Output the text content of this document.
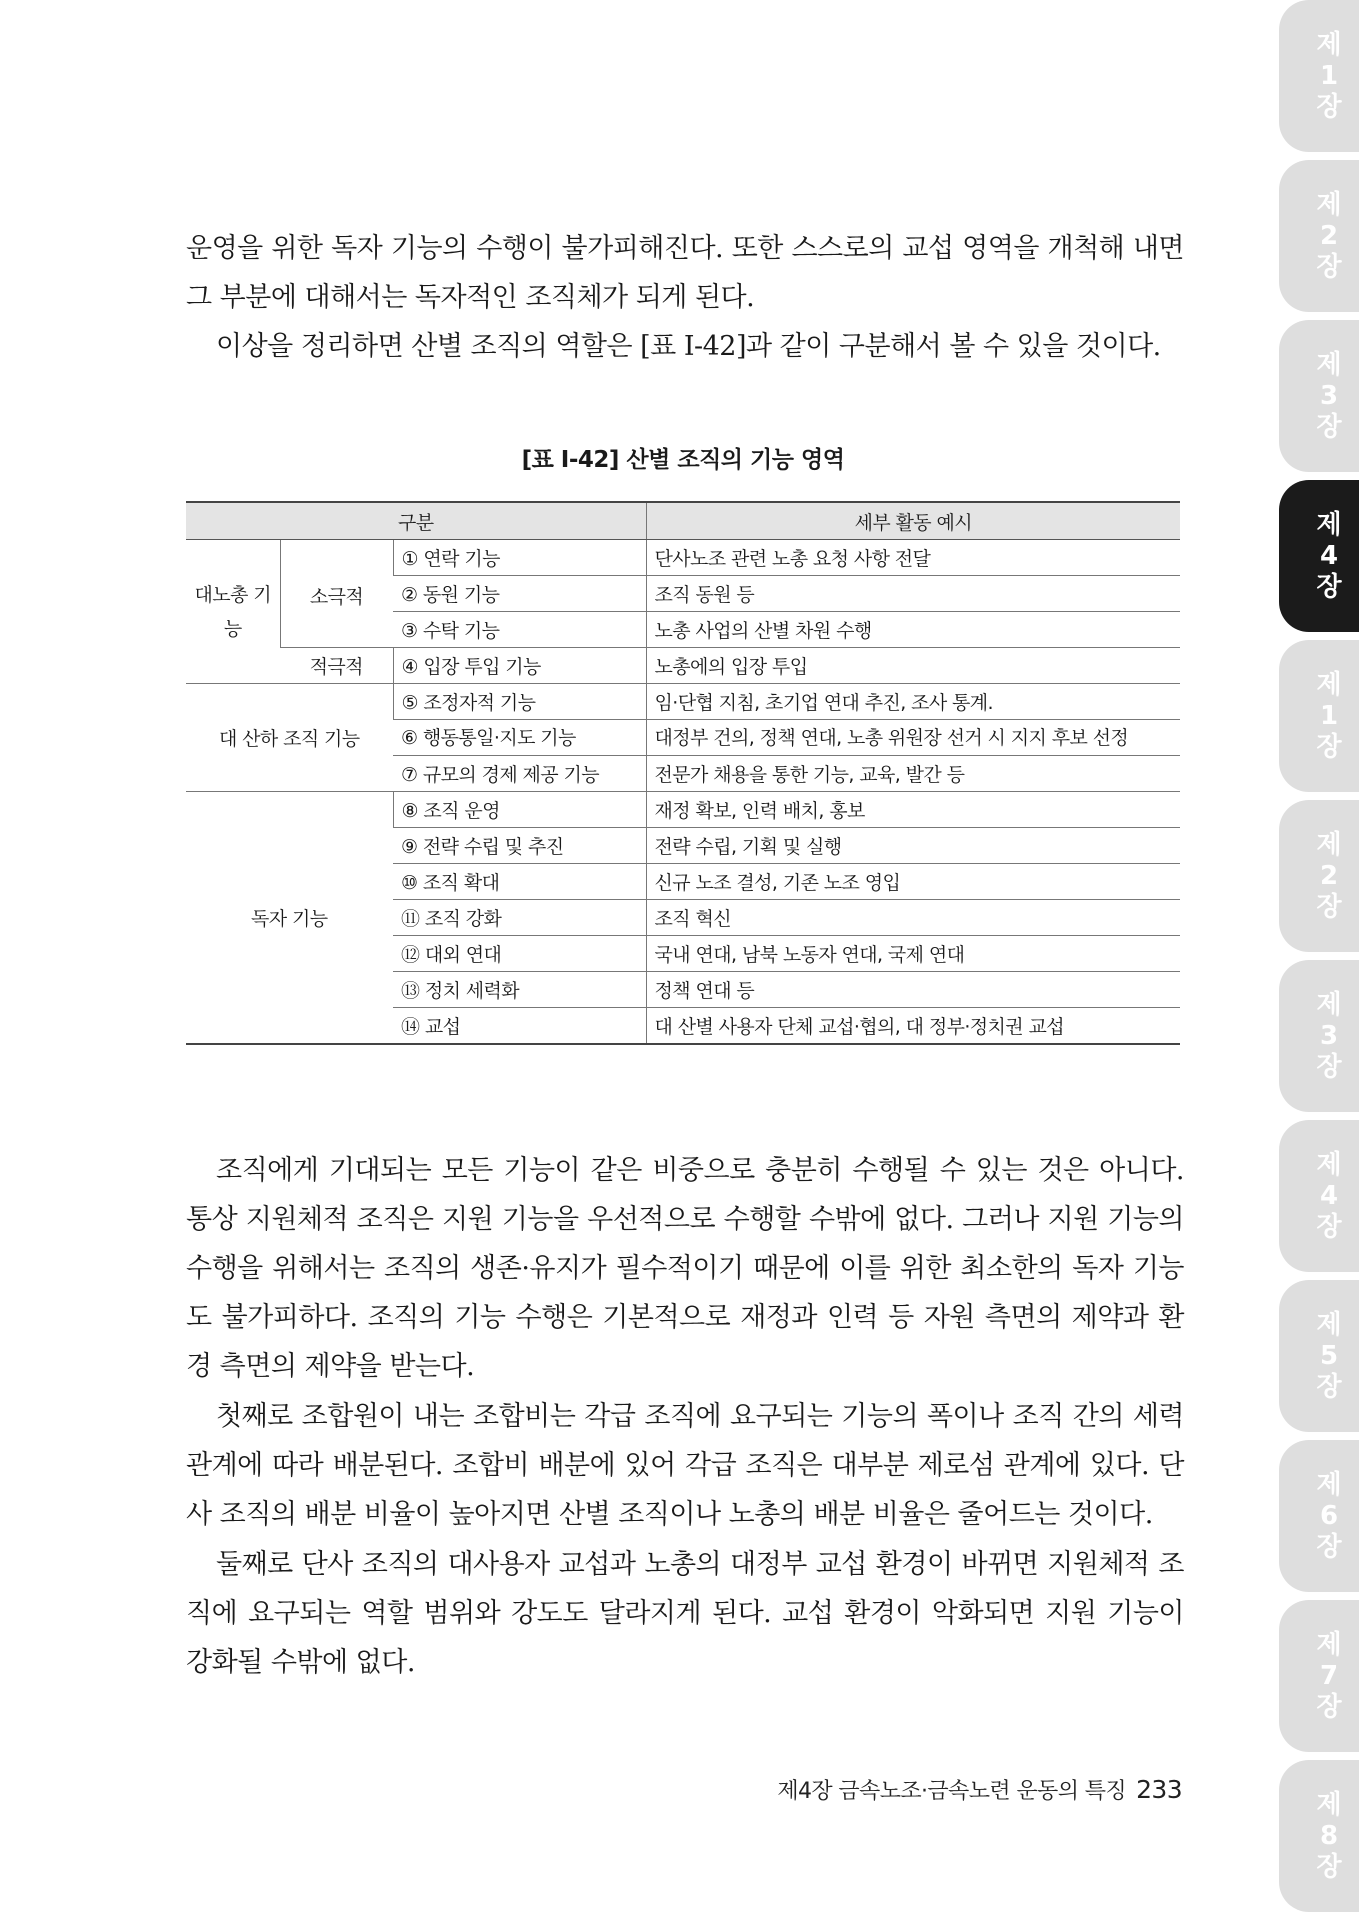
운영을 위한 독자 기능의 수행이 불가피해진다. 또한 스스로의 교섭 영역을 개척해 내면 그 부분에 대해서는 독자적인 조직체가 되게 된다.

이상을 정리하면 산별 조직의 역할은 [표 Ⅰ-42]과 같이 구분해서 볼 수 있을 것이다.

[표 Ⅰ-42] 산별 조직의 기능 영역
구분			세부 활동 예시
대노총 기능	소극적	① 연락 기능	단사노조 관련 노총 요청 사항 전달
		② 동원 기능	조직 동원 등
		③ 수탁 기능	노총 사업의 산별 차원 수행
	적극적	④ 입장 투입 기능	노총에의 입장 투입
대 산하 조직 기능		⑤ 조정자적 기능	임·단협 지침, 초기업 연대 추진, 조사 통계.
		⑥ 행동통일·지도 기능	대정부 건의, 정책 연대, 노총 위원장 선거 시 지지 후보 선정
		⑦ 규모의 경제 제공 기능	전문가 채용을 통한 기능, 교육, 발간 등
독자 기능		⑧ 조직 운영	재정 확보, 인력 배치, 홍보
		⑨ 전략 수립 및 추진	전략 수립, 기획 및 실행
		⑩ 조직 확대	신규 노조 결성, 기존 노조 영입
		⑪ 조직 강화	조직 혁신
		⑫ 대외 연대	국내 연대, 남북 노동자 연대, 국제 연대
		⑬ 정치 세력화	정책 연대 등
		⑭ 교섭	대 산별 사용자 단체 교섭·협의, 대 정부·정치권 교섭

조직에게 기대되는 모든 기능이 같은 비중으로 충분히 수행될 수 있는 것은 아니다. 통상 지원체적 조직은 지원 기능을 우선적으로 수행할 수밖에 없다. 그러나 지원 기능의 수행을 위해서는 조직의 생존·유지가 필수적이기 때문에 이를 위한 최소한의 독자 기능도 불가피하다. 조직의 기능 수행은 기본적으로 재정과 인력 등 자원 측면의 제약과 환경 측면의 제약을 받는다.

첫째로 조합원이 내는 조합비는 각급 조직에 요구되는 기능의 폭이나 조직 간의 세력관계에 따라 배분된다. 조합비 배분에 있어 각급 조직은 대부분 제로섬 관계에 있다. 단사 조직의 배분 비율이 높아지면 산별 조직이나 노총의 배분 비율은 줄어드는 것이다.

둘째로 단사 조직의 대사용자 교섭과 노총의 대정부 교섭 환경이 바뀌면 지원체적 조직에 요구되는 역할 범위와 강도도 달라지게 된다. 교섭 환경이 악화되면 지원 기능이 강화될 수밖에 없다.

제
1
장
제
2
장
제
3
장
제
4
장
제
1
장
제
2
장
제
3
장
제
4
장
제
5
장
제
6
장
제
7
장
제
8
장
제4장 금속노조·금속노련 운동의 특징 233
